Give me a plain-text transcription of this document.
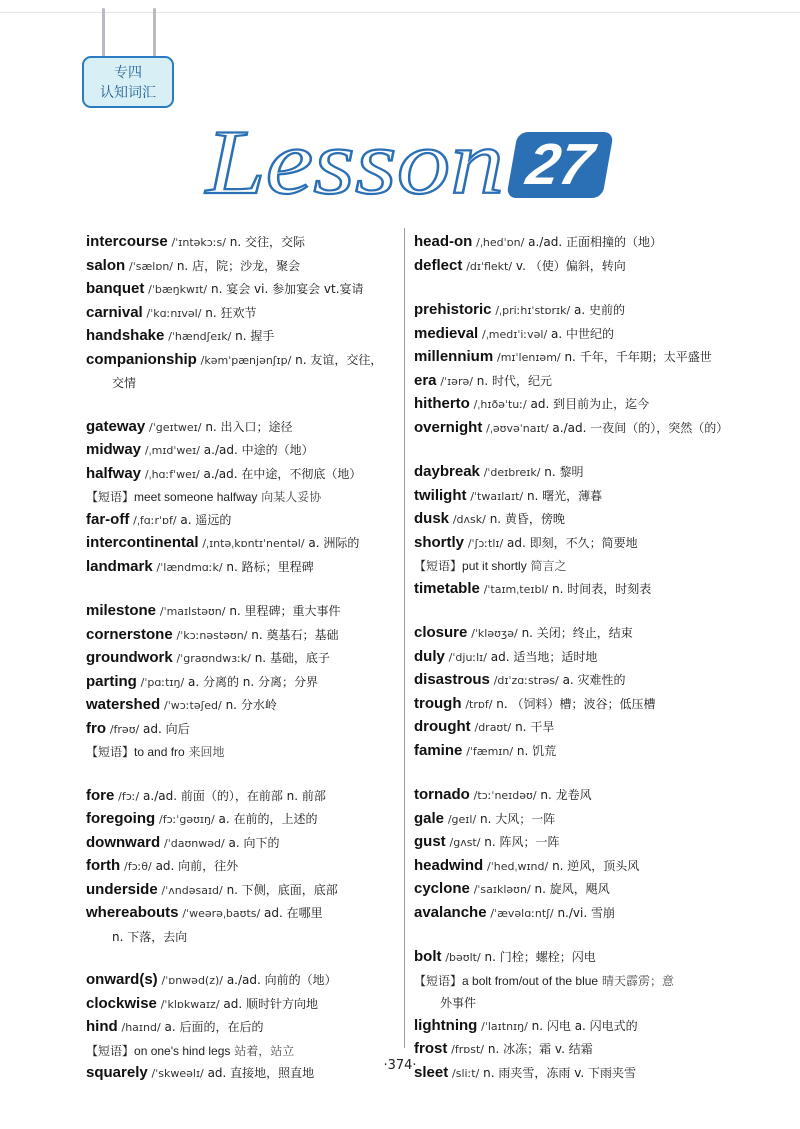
专四
认知词汇
Lesson 27
intercourse /ˈɪntəkɔːs/ n. 交往，交际
salon /ˈsælɒn/ n. 店，院；沙龙，聚会
banquet /ˈbæŋkwɪt/ n. 宴会 vi. 参加宴会 vt.宴请
carnival /ˈkɑːnɪvəl/ n. 狂欢节
handshake /ˈhændʃeɪk/ n. 握手
companionship /kəmˈpænjənʃɪp/ n. 友谊，交往，
交情
gateway /ˈgeɪtweɪ/ n. 出入口；途径
midway /ˌmɪdˈweɪ/ a./ad. 中途的（地）
halfway /ˌhɑːfˈweɪ/ a./ad. 在中途，不彻底（地）
【短语】meet someone halfway 向某人妥协
far-off /ˌfɑːrˈɒf/ a. 遥远的
intercontinental /ˌɪntəˌkɒntɪˈnentəl/ a. 洲际的
landmark /ˈlændmɑːk/ n. 路标；里程碑
milestone /ˈmaɪlstəʊn/ n. 里程碑；重大事件
cornerstone /ˈkɔːnəstəʊn/ n. 奠基石；基础
groundwork /ˈgraʊndwɜːk/ n. 基础，底子
parting /ˈpɑːtɪŋ/ a. 分离的 n. 分离；分界
watershed /ˈwɔːtəʃed/ n. 分水岭
fro /frəʊ/ ad. 向后
【短语】to and fro 来回地
fore /fɔː/ a./ad. 前面（的），在前部 n. 前部
foregoing /fɔːˈgəʊɪŋ/ a. 在前的，上述的
downward /ˈdaʊnwəd/ a. 向下的
forth /fɔːθ/ ad. 向前，往外
underside /ˈʌndəsaɪd/ n. 下侧，底面，底部
whereabouts /ˈweərəˌbaʊts/ ad. 在哪里
n. 下落，去向
onward(s) /ˈɒnwəd(z)/ a./ad. 向前的（地）
clockwise /ˈklɒkwaɪz/ ad. 顺时针方向地
hind /haɪnd/ a. 后面的，在后的
【短语】on one's hind legs 站着，站立
squarely /ˈskweəlɪ/ ad. 直接地，照直地
head-on /ˌhedˈɒn/ a./ad. 正面相撞的（地）
deflect /dɪˈflekt/ v. （使）偏斜，转向
prehistoric /ˌpriːhɪˈstɒrɪk/ a. 史前的
medieval /ˌmedɪˈiːvəl/ a. 中世纪的
millennium /mɪˈlenɪəm/ n. 千年，千年期；太平盛世
era /ˈɪərə/ n. 时代，纪元
hitherto /ˌhɪðəˈtuː/ ad. 到目前为止，迄今
overnight /ˌəʊvəˈnaɪt/ a./ad. 一夜间（的），突然（的）
daybreak /ˈdeɪbreɪk/ n. 黎明
twilight /ˈtwaɪlaɪt/ n. 曙光，薄暮
dusk /dʌsk/ n. 黄昏，傍晚
shortly /ˈʃɔːtlɪ/ ad. 即刻，不久；简要地
【短语】put it shortly 简言之
timetable /ˈtaɪmˌteɪbl/ n. 时间表，时刻表
closure /ˈkləʊʒə/ n. 关闭；终止，结束
duly /ˈdjuːlɪ/ ad. 适当地；适时地
disastrous /dɪˈzɑːstrəs/ a. 灾难性的
trough /trɒf/ n. （饲料）槽；波谷；低压槽
drought /draʊt/ n. 干旱
famine /ˈfæmɪn/ n. 饥荒
tornado /tɔːˈneɪdəʊ/ n. 龙卷风
gale /geɪl/ n. 大风；一阵
gust /gʌst/ n. 阵风；一阵
headwind /ˈhedˌwɪnd/ n. 逆风，顶头风
cyclone /ˈsaɪkləʊn/ n. 旋风，飓风
avalanche /ˈævəlɑːntʃ/ n./vi. 雪崩
bolt /bəʊlt/ n. 门栓；螺栓；闪电
【短语】a bolt from/out of the blue 晴天霹雳；意
外事件
lightning /ˈlaɪtnɪŋ/ n. 闪电 a. 闪电式的
frost /frɒst/ n. 冰冻；霜 v. 结霜
sleet /sliːt/ n. 雨夹雪，冻雨 v. 下雨夹雪
·374·
